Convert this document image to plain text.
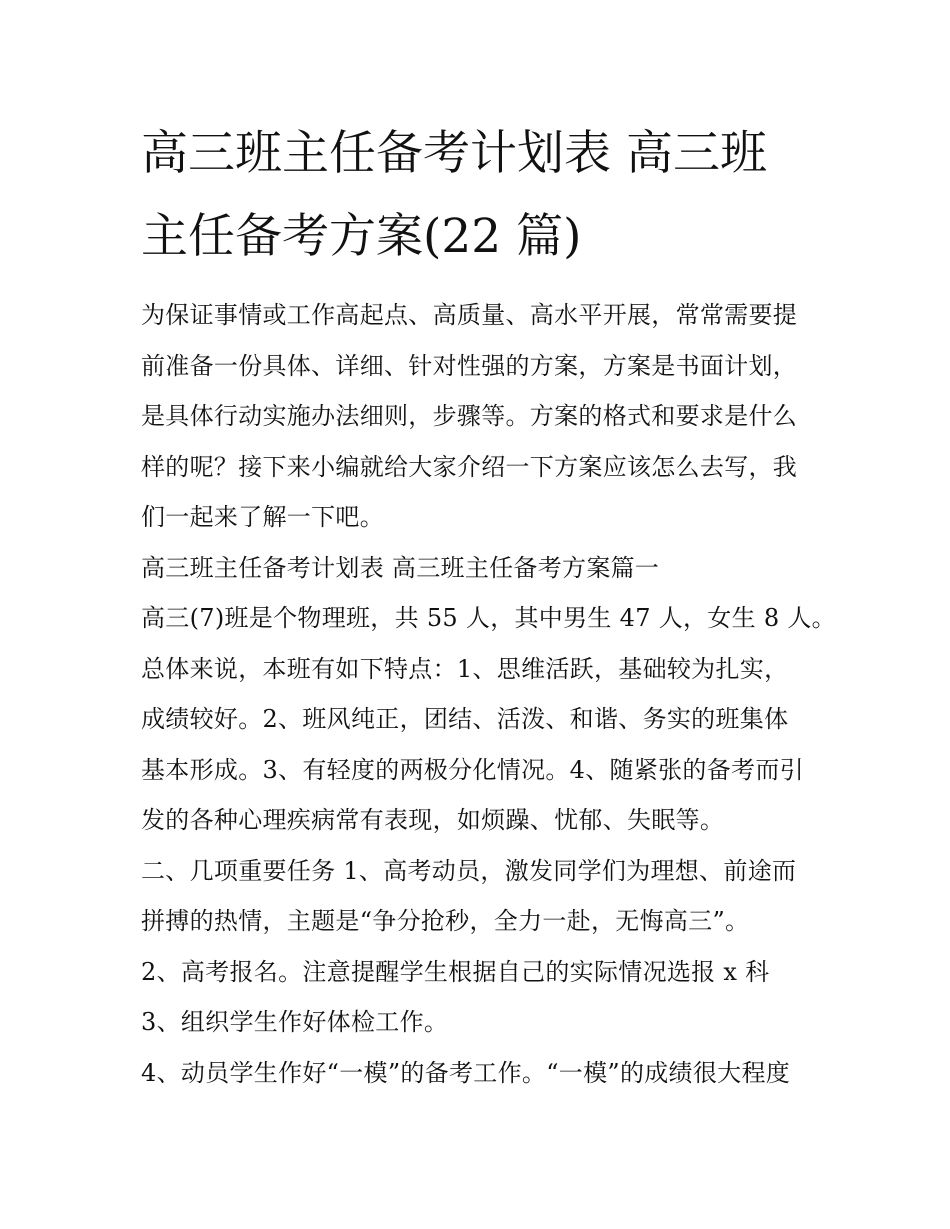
高三班主任备考计划表 高三班
主任备考方案(22 篇)

为保证事情或工作高起点、高质量、高水平开展，常常需要提
前准备一份具体、详细、针对性强的方案，方案是书面计划，
是具体行动实施办法细则，步骤等。方案的格式和要求是什么
样的呢？接下来小编就给大家介绍一下方案应该怎么去写，我
们一起来了解一下吧。

高三班主任备考计划表 高三班主任备考方案篇一

高三(7)班是个物理班，共 55 人，其中男生 47 人，女生 8 人。
总体来说，本班有如下特点：1、思维活跃，基础较为扎实，
成绩较好。2、班风纯正，团结、活泼、和谐、务实的班集体
基本形成。3、有轻度的两极分化情况。4、随紧张的备考而引
发的各种心理疾病常有表现，如烦躁、忧郁、失眠等。

二、几项重要任务 1、高考动员，激发同学们为理想、前途而
拼搏的热情，主题是“争分抢秒，全力一赴，无悔高三”。

2、高考报名。注意提醒学生根据自己的实际情况选报 x 科

3、组织学生作好体检工作。

4、动员学生作好“一模”的备考工作。“一模”的成绩很大程度
